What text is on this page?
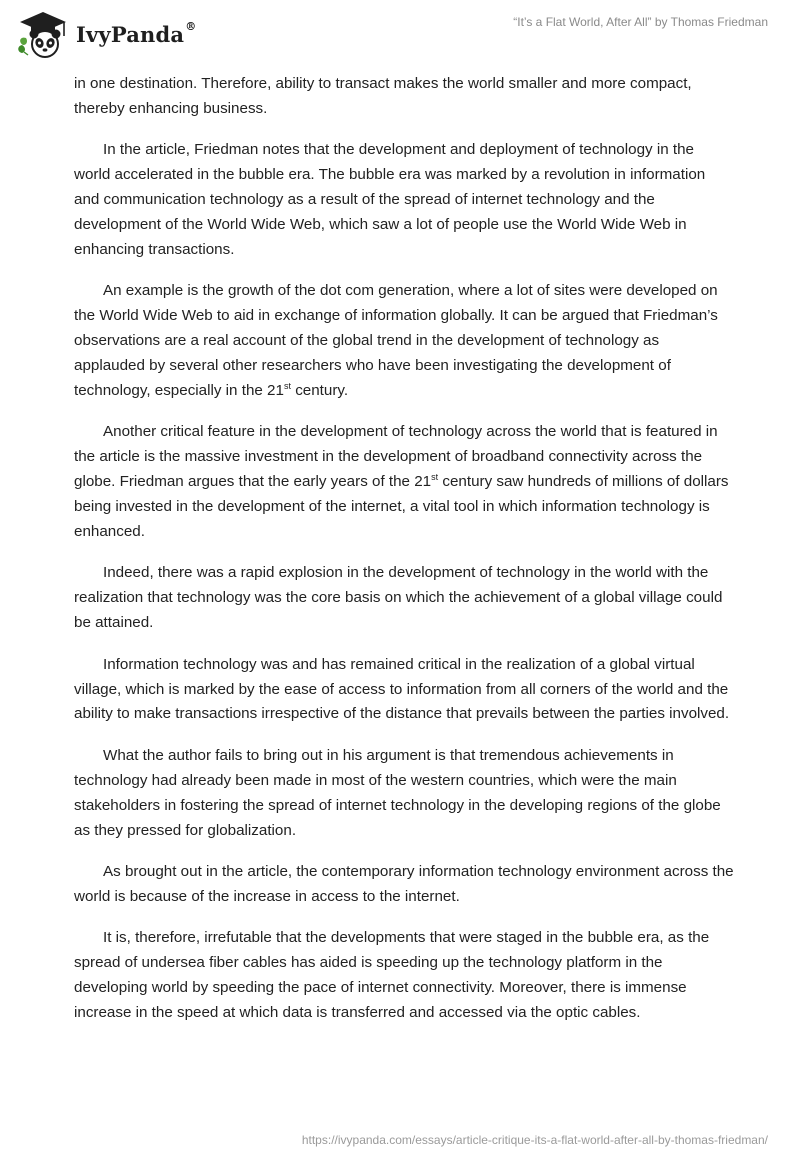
IvyPanda®	“It’s a Flat World, After All” by Thomas Friedman

in one destination. Therefore, ability to transact makes the world smaller and more compact, thereby enhancing business.

In the article, Friedman notes that the development and deployment of technology in the world accelerated in the bubble era. The bubble era was marked by a revolution in information and communication technology as a result of the spread of internet technology and the development of the World Wide Web, which saw a lot of people use the World Wide Web in enhancing transactions.

An example is the growth of the dot com generation, where a lot of sites were developed on the World Wide Web to aid in exchange of information globally. It can be argued that Friedman’s observations are a real account of the global trend in the development of technology as applauded by several other researchers who have been investigating the development of technology, especially in the 21st century.

Another critical feature in the development of technology across the world that is featured in the article is the massive investment in the development of broadband connectivity across the globe. Friedman argues that the early years of the 21st century saw hundreds of millions of dollars being invested in the development of the internet, a vital tool in which information technology is enhanced.

Indeed, there was a rapid explosion in the development of technology in the world with the realization that technology was the core basis on which the achievement of a global village could be attained.

Information technology was and has remained critical in the realization of a global virtual village, which is marked by the ease of access to information from all corners of the world and the ability to make transactions irrespective of the distance that prevails between the parties involved.

What the author fails to bring out in his argument is that tremendous achievements in technology had already been made in most of the western countries, which were the main stakeholders in fostering the spread of internet technology in the developing regions of the globe as they pressed for globalization.

As brought out in the article, the contemporary information technology environment across the world is because of the increase in access to the internet.

It is, therefore, irrefutable that the developments that were staged in the bubble era, as the spread of undersea fiber cables has aided is speeding up the technology platform in the developing world by speeding the pace of internet connectivity. Moreover, there is immense increase in the speed at which data is transferred and accessed via the optic cables.

https://ivypanda.com/essays/article-critique-its-a-flat-world-after-all-by-thomas-friedman/
